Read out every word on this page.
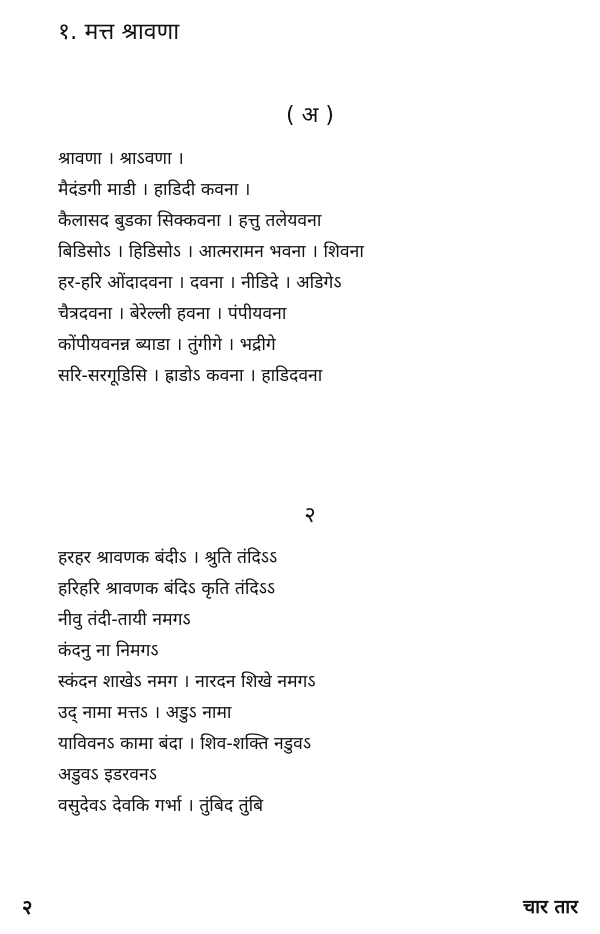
१. मत्त श्रावणा
( अ )
श्रावणा । श्राऽवणा ।
मैदंडगी माडी । हाडिदी कवना ।
कैलासद बुडका सिक्कवना । हत्तु तलेयवना
बिडिसोऽ । हिडिसोऽ । आत्मरामन भवना । शिवना
हर-हरि ओंदादवना । दवना । नीडिदे । अडिगेऽ
चैत्रदवना । बेरेल्ली हवना । पंपीयवना
कोंपीयवनन्न ब्याडा । तुंगीगे । भद्रीगे
सरि-सरगूडिसि । ह्राडोऽ कवना । हाडिदवना
२
हरहर श्रावणक बंदीऽ । श्रुति तंदिऽऽ
हरिहरि श्रावणक बंदिऽ कृति तंदिऽऽ
नीवु तंदी-तायी नमगऽ
कंदनु ना निमगऽ
स्कंदन शाखेऽ नमग । नारदन शिखे नमगऽ
उद् नामा मत्तऽ । अडुऽ नामा
याविवनऽ कामा बंदा । शिव-शक्ति नडुवऽ
अडुवऽ इडरवनऽ
वसुदेवऽ देवकि गर्भा । तुंबिद तुंबि
२	चार तार
